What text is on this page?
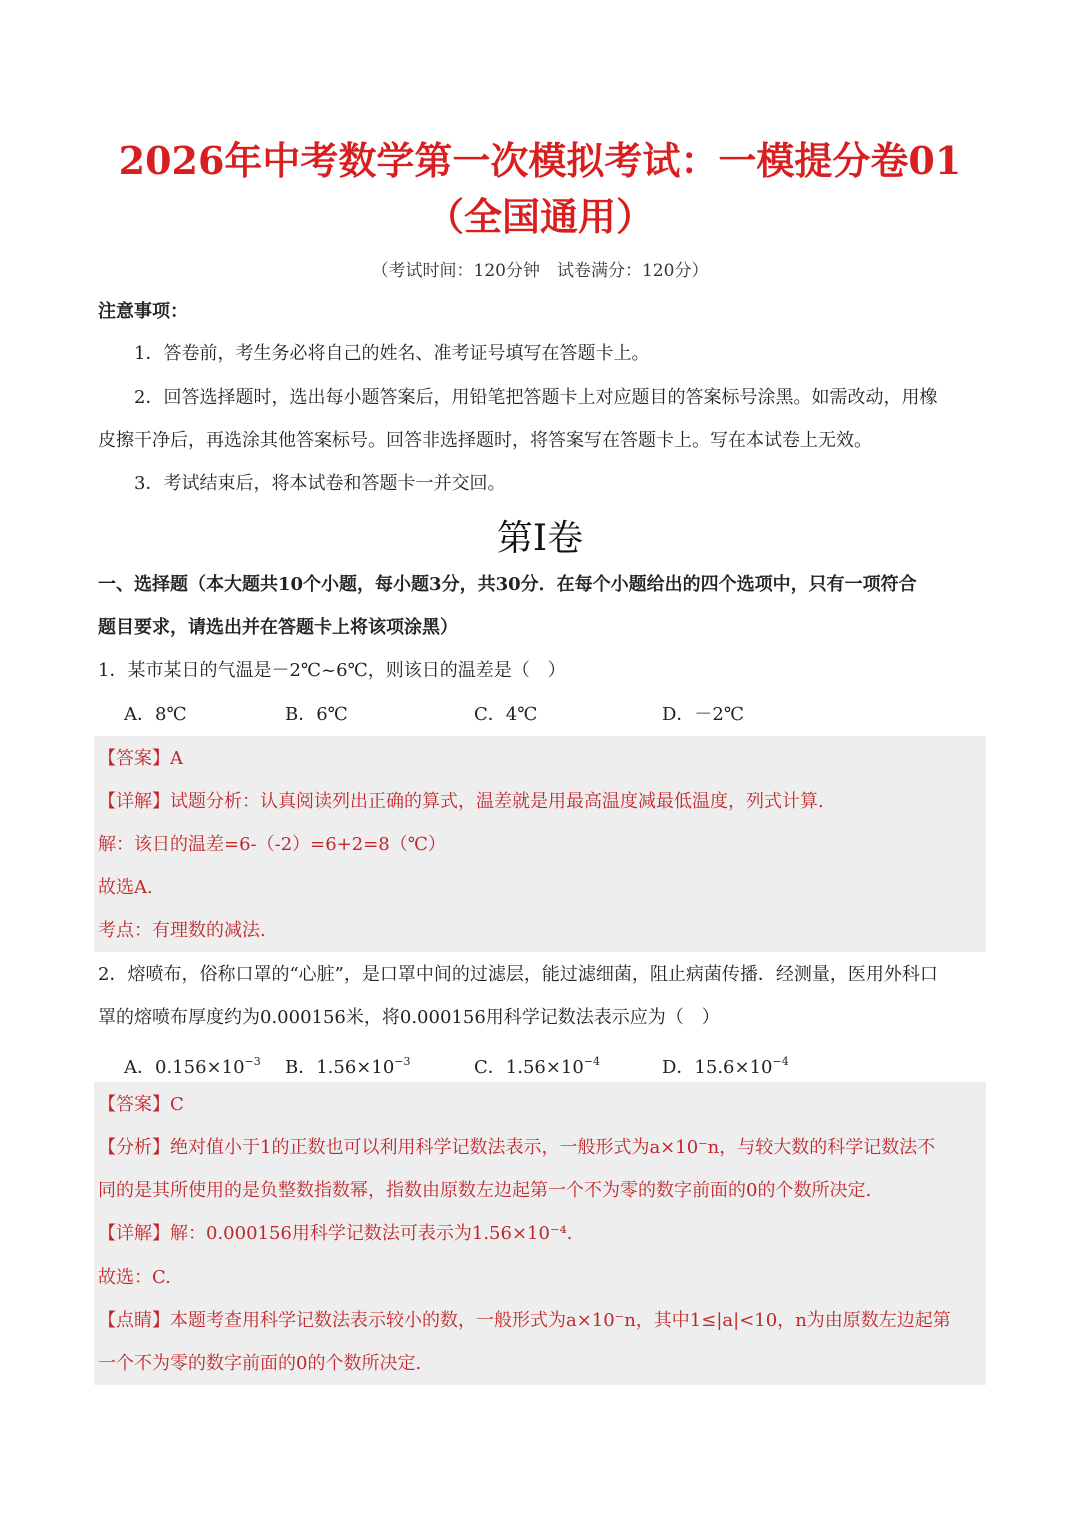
2026年中考数学第一次模拟考试：一模提分卷01
（全国通用）
（考试时间：120分钟　试卷满分：120分）
注意事项：
1．答卷前，考生务必将自己的姓名、准考证号填写在答题卡上。
2．回答选择题时，选出每小题答案后，用铅笔把答题卡上对应题目的答案标号涂黑。如需改动，用橡
皮擦干净后，再选涂其他答案标号。回答非选择题时，将答案写在答题卡上。写在本试卷上无效。
3．考试结束后，将本试卷和答题卡一并交回。
第I卷
一、选择题（本大题共10个小题，每小题3分，共30分．在每个小题给出的四个选项中，只有一项符合
题目要求，请选出并在答题卡上将该项涂黑）
1．某市某日的气温是－2℃~6℃，则该日的温差是（　）
A．8℃	B．6℃	C．4℃	D．－2℃
【答案】A
【详解】试题分析：认真阅读列出正确的算式，温差就是用最高温度减最低温度，列式计算.
解：该日的温差=6-（-2）=6+2=8（℃）
故选A.
考点：有理数的减法.
2．熔喷布，俗称口罩的“心脏”，是口罩中间的过滤层，能过滤细菌，阻止病菌传播．经测量，医用外科口
罩的熔喷布厚度约为0.000156米，将0.000156用科学记数法表示应为（　）
A．$0.156\times 10^{-3}$ B．$1.56\times 10^{-3}$	C．$1.56\times 10^{-4}$	D．$15.6\times 10^{-4}$
【答案】C
【分析】绝对值小于1的正数也可以利用科学记数法表示，一般形式为a×10⁻n，与较大数的科学记数法不
同的是其所使用的是负整数指数幂，指数由原数左边起第一个不为零的数字前面的0的个数所决定.
【详解】解：0.000156用科学记数法可表示为1.56×10⁻⁴.
故选：C.
【点睛】本题考查用科学记数法表示较小的数，一般形式为a×10⁻n，其中1≤|a|<10，n为由原数左边起第
一个不为零的数字前面的0的个数所决定.
